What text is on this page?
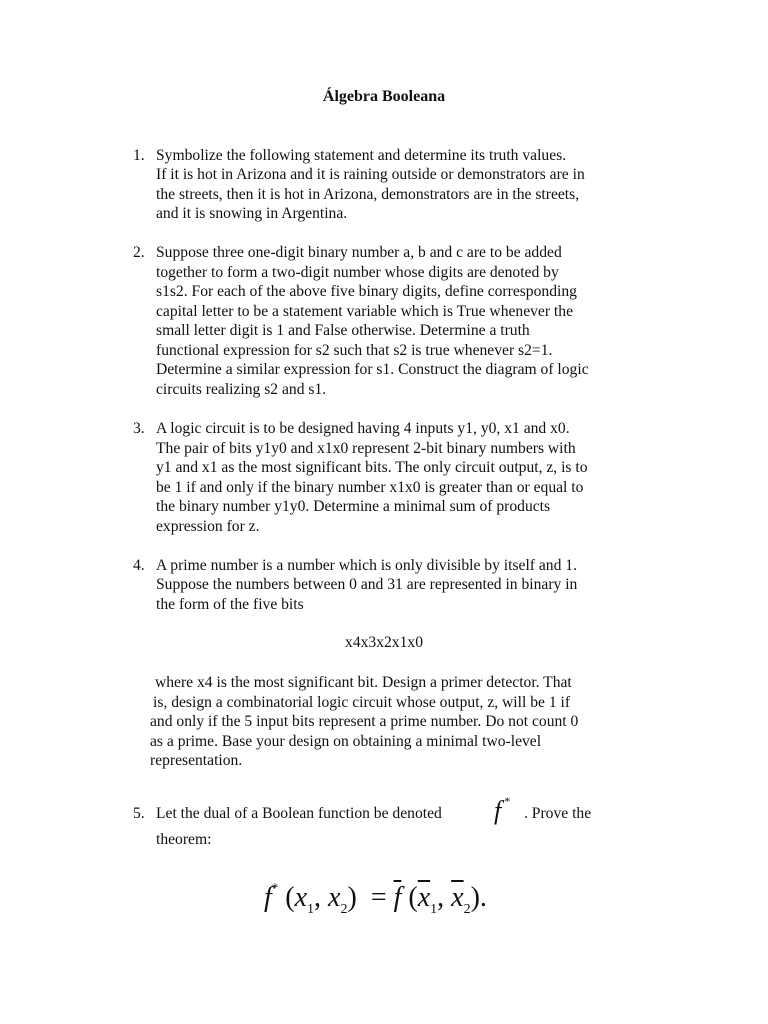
Álgebra Booleana
1. Symbolize the following statement and determine its truth values.
If it is hot in Arizona and it is raining outside or demonstrators are in
the streets, then it is hot in Arizona, demonstrators are in the streets,
and it is snowing in Argentina.
2. Suppose three one-digit binary number a, b and c are to be added
together to form a two-digit number whose digits are denoted by
s1s2. For each of the above five binary digits, define corresponding
capital letter to be a statement variable which is True whenever the
small letter digit is 1 and False otherwise. Determine a truth
functional expression for s2 such that s2 is true whenever s2=1.
Determine a similar expression for s1. Construct the diagram of logic
circuits realizing s2 and s1.
3. A logic circuit is to be designed having 4 inputs y1, y0, x1 and x0.
The pair of bits y1y0 and x1x0 represent 2-bit binary numbers with
y1 and x1 as the most significant bits. The only circuit output, z, is to
be 1 if and only if the binary number x1x0 is greater than or equal to
the binary number y1y0. Determine a minimal sum of products
expression for z.
4. A prime number is a number which is only divisible by itself and 1.
Suppose the numbers between 0 and 31 are represented in binary in
the form of the five bits
x4x3x2x1x0
where x4 is the most significant bit. Design a primer detector. That
is, design a combinatorial logic circuit whose output, z, will be 1 if
and only if the 5 input bits represent a prime number. Do not count 0
as a prime. Base your design on obtaining a minimal two-level
representation.
5. Let the dual of a Boolean function be denoted f *
. Prove the
theorem:
f* ($x_1$, $x_2) = \overline{f}$ ($\overline{x}_1$, $\overline{x}_2$).
